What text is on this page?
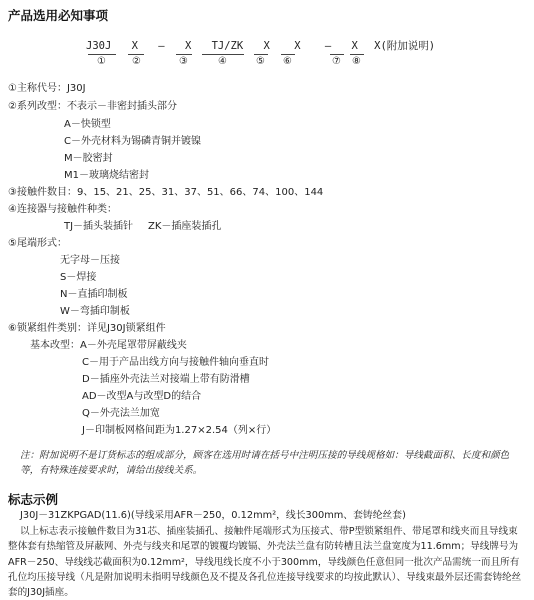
产品选用必知事项
J30J X — X TJ/ZK X X — X X(附加说明)
①	②	③	④	⑤ ⑥	⑦ ⑧
①主称代号：J30J
②系列改型：不表示－非密封插头部分
A－快锁型
C－外壳材料为锡磷青铜并镀镍
M－胶密封
M1－玻璃烧结密封
③接触件数目：9、15、21、25、31、37、51、66、74、100、144
④连接器与接触件种类：
TJ－插头装插针 ZK－插座装插孔
⑤尾端形式：
无字母－压接
S－焊接
N－直插印制板
W－弯插印制板
⑥锁紧组件类别：详见J30J锁紧组件
基本改型：A－外壳尾罩带屏蔽线夹
C－用于产品出线方向与接触件轴向垂直时
D－插座外壳法兰对接端上带有防滑槽
AD－改型A与改型D的结合
Q－外壳法兰加宽
J－印制板网格间距为1.27×2.54（列×行）
注：附加说明不是订货标志的组成部分，顾客在选用时请在括号中注明压接的导线规格如：导线截面积、长度和颜色等，有特殊连接要求时，请给出接线关系。
标志示例
J30J－31ZKPGAD(11.6)(导线采用AFR－250，0.12mm²，线长300mm、套铸纶丝套)
以上标志表示接触件数目为31芯、插座装插孔、接触件尾端形式为压接式、带P型锁紧组件、带尾罩和线夹而且导线束整体套有热缩管及屏蔽网、外壳与线夹和尾罩的镀覆均镀镉、外壳法兰盘有防转槽且法兰盘宽度为11.6mm；导线牌号为AFR－250、导线线芯截面积为0.12mm²，导线甩线长度不小于300mm，导线颜色任意但同一批次产品需统一而且所有孔位均压接导线（凡是附加说明未指明导线颜色及不提及各孔位连接导线要求的均按此默认）、导线束最外层还需套铸纶丝套的J30J插座。
